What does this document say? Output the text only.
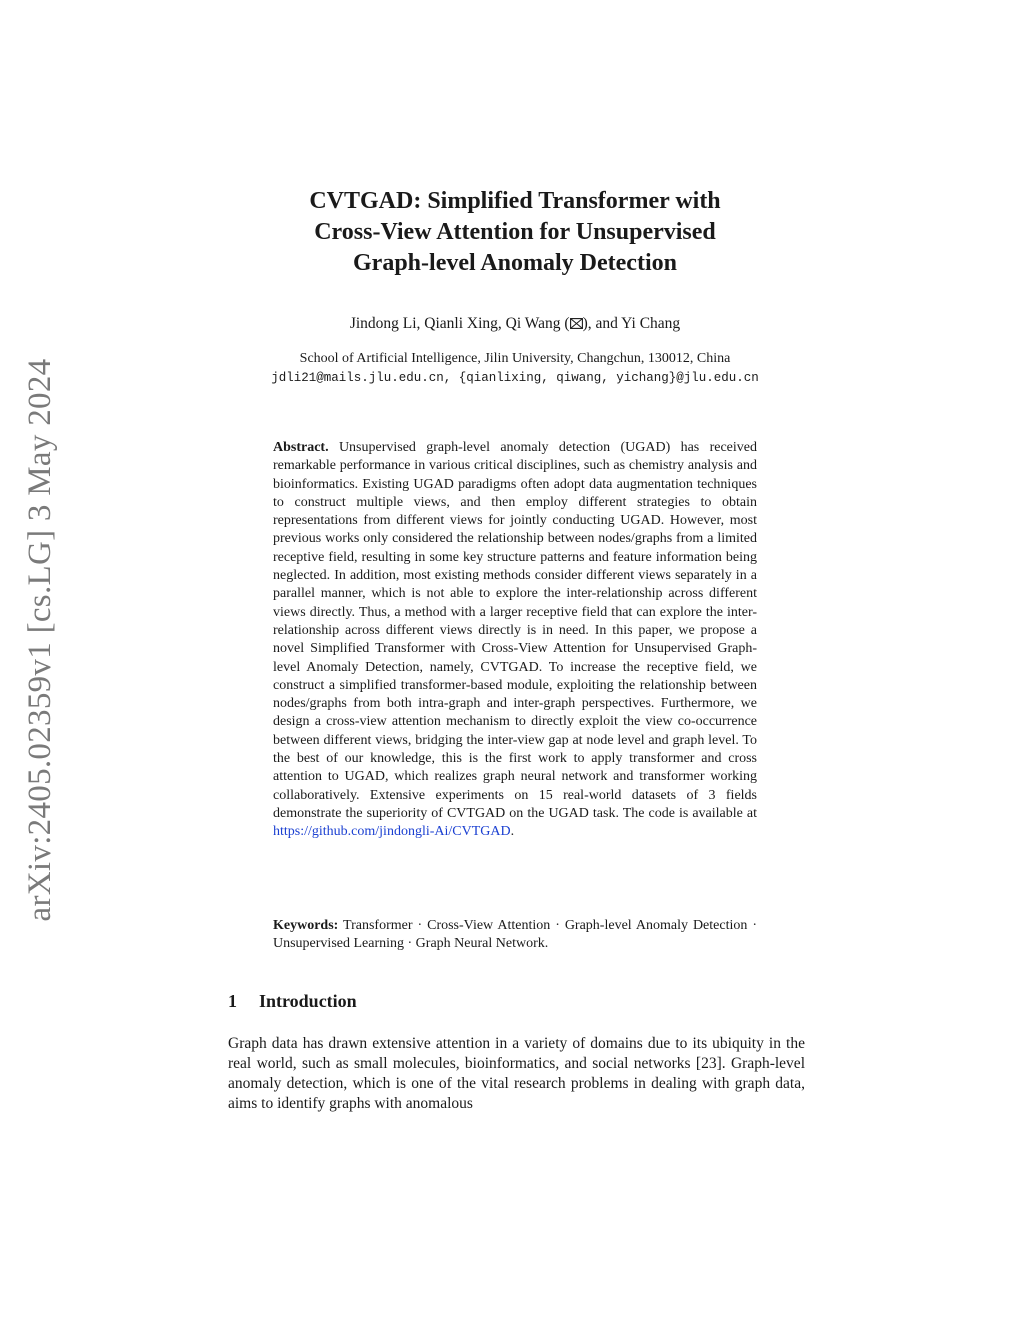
arXiv:2405.02359v1 [cs.LG] 3 May 2024
CVTGAD: Simplified Transformer with
Cross-View Attention for Unsupervised
Graph-level Anomaly Detection
Jindong Li, Qianli Xing, Qi Wang ( ), and Yi Chang
School of Artificial Intelligence, Jilin University, Changchun, 130012, China
jdli21@mails.jlu.edu.cn, {qianlixing, qiwang, yichang}@jlu.edu.cn
Abstract. Unsupervised graph-level anomaly detection (UGAD) has received remarkable performance in various critical disciplines, such as chemistry analysis and bioinformatics. Existing UGAD paradigms often adopt data augmentation techniques to construct multiple views, and then employ different strategies to obtain representations from different views for jointly conducting UGAD. However, most previous works only considered the relationship between nodes/graphs from a limited receptive field, resulting in some key structure patterns and feature information being neglected. In addition, most existing methods consider different views separately in a parallel manner, which is not able to explore the inter-relationship across different views directly. Thus, a method with a larger receptive field that can explore the inter-relationship across different views directly is in need. In this paper, we propose a novel Simplified Transformer with Cross-View Attention for Unsupervised Graph-level Anomaly Detection, namely, CVTGAD. To increase the receptive field, we construct a simplified transformer-based module, exploiting the relationship between nodes/graphs from both intra-graph and inter-graph perspectives. Furthermore, we design a cross-view attention mechanism to directly exploit the view co-occurrence between different views, bridging the inter-view gap at node level and graph level. To the best of our knowledge, this is the first work to apply transformer and cross attention to UGAD, which realizes graph neural network and transformer working collaboratively. Extensive experiments on 15 real-world datasets of 3 fields demonstrate the superiority of CVTGAD on the UGAD task. The code is available at https://github.com/jindongli-Ai/CVTGAD.
Keywords: Transformer · Cross-View Attention · Graph-level Anomaly Detection · Unsupervised Learning · Graph Neural Network.
1 Introduction
Graph data has drawn extensive attention in a variety of domains due to its ubiquity in the real world, such as small molecules, bioinformatics, and social networks [23]. Graph-level anomaly detection, which is one of the vital research problems in dealing with graph data, aims to identify graphs with anomalous
